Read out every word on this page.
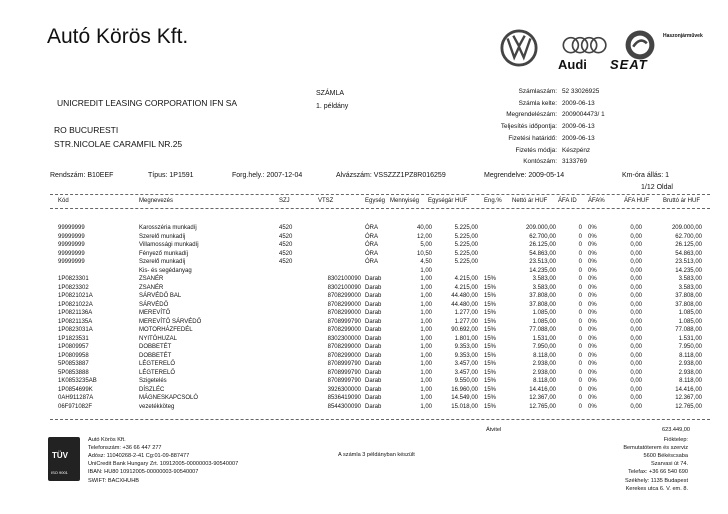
Autó Körös Kft.
Audi SEAT
Haszonjárművek
UNICREDIT LEASING CORPORATION IFN SA
RO BUCURESTI
STR.NICOLAE CARAMFIL NR.25
SZÁMLA
1. példány
Számlaszám: 52 33026925
Számla kelte: 2009-06-13
Megrendelészám: 2009004473/ 1
Teljesítés időpontja: 2009-06-13
Fizetési határidő: 2009-06-13
Fizetés módja: Készpénz
Kontószám: 3133769
Rendszám: B10EEF	Típus: 1P1591	Forg.hely.: 2007-12-04	Alvázszám: VSSZZZ1PZ8R016259	Megrendelve: 2009-05-14	Km-óra állás: 1
1/12 Oldal
Kód	Megnevezés	SZJ	VTSZ	Egység Mennyiség Egységár HUF	Eng.% Nettó ár HUF ÁFA ID ÁFA%	ÁFA HUF Bruttó ár HUF
99999999	Karosszéria munkadíj	4520	ÓRA	40,00	5.225,00	209.000,00	0 0%	0,00	209.000,00
99999999	Szerelő munkadíj	4520	ÓRA	12,00	5.225,00	62.700,00	0 0%	0,00	62.700,00
99999999	Villamossági munkadíj	4520	ÓRA	5,00	5.225,00	26.125,00	0 0%	0,00	26.125,00
99999999	Fényező munkadíj	4520	ÓRA	10,50	5.225,00	54.863,00	0 0%	0,00	54.863,00
99999999	Szerelő munkadíj	4520	ÓRA	4,50	5.225,00	23.513,00	0 0%	0,00	23.513,00
Kis- és segédanyag	1,00	14.235,00	0 0%	0,00	14.235,00
1P0823301	ZSANÉR	8302100090 Darab	1,00	4.215,00 15%	3.583,00	0 0%	0,00	3.583,00
1P0823302	ZSANÉR	8302100090 Darab	1,00	4.215,00 15%	3.583,00	0 0%	0,00	3.583,00
1P0821021A	SÁRVÉDŐ BAL	8708299000 Darab	1,00	44.480,00 15%	37.808,00	0 0%	0,00	37.808,00
1P0821022A	SÁRVÉDŐ	8708299000 Darab	1,00	44.480,00 15%	37.808,00	0 0%	0,00	37.808,00
1P0821136A	MEREVÍTŐ	8708299000 Darab	1,00	1.277,00 15%	1.085,00	0 0%	0,00	1.085,00
1P0821135A	MEREVÍTŐ SÁRVÉDŐ	8708999790 Darab	1,00	1.277,00 15%	1.085,00	0 0%	0,00	1.085,00
1P0823031A	MOTORHÁZFEDÉL	8708299000 Darab	1,00	90.692,00 15%	77.088,00	0 0%	0,00	77.088,00
1P1823531	NYITÓHUZAL	8302300000 Darab	1,00	1.801,00 15%	1.531,00	0 0%	0,00	1.531,00
1P0809957	DOBBETÉT	8708299000 Darab	1,00	9.353,00 15%	7.950,00	0 0%	0,00	7.950,00
1P0809958	DOBBETÉT	8708299000 Darab	1,00	9.353,00 15%	8.118,00	0 0%	0,00	8.118,00
5P0853887	LÉGTERELŐ	8708999790 Darab	1,00	3.457,00 15%	2.938,00	0 0%	0,00	2.938,00
5P0853888	LÉGTERELŐ	8708999790 Darab	1,00	3.457,00 15%	2.938,00	0 0%	0,00	2.938,00
1K0853235AB	Szigetelés	8708999790 Darab	1,00	9.550,00 15%	8.118,00	0 0%	0,00	8.118,00
1P0854699K	DÍSZLÉC	3926300000 Darab	1,00	16.960,00 15%	14.416,00	0 0%	0,00	14.416,00
0AH911287A	MÁGNESKAPCSOLÓ	8536419090 Darab	1,00	14.549,00 15%	12.367,00	0 0%	0,00	12.367,00
06F971082F	vezetékköteg	8544300090 Darab	1,00	15.018,00 15%	12.765,00	0 0%	0,00	12.765,00
Átvitel	623.449,00
TÜV
ISO 9001
Autó Körös Kft.
Telefonszám: +36 66 447 277
Adósz: 11040268-2-41 Cg:01-09-887477
UniCredit Bank Hungary Zrt. 10912005-00000003-90540007
IBAN: HU80 10912005-00000003-90540007
SWIFT: BACXHUHB
A számla 3 példányban készült
Fióktelep:
Bemutatóterem és szerviz
5600 Békéscsaba
Szarvasi út 74.
Telefax: +36 66 540 690
Székhely: 1135 Budapest
Kerekes utca 6. V. em. 8.
